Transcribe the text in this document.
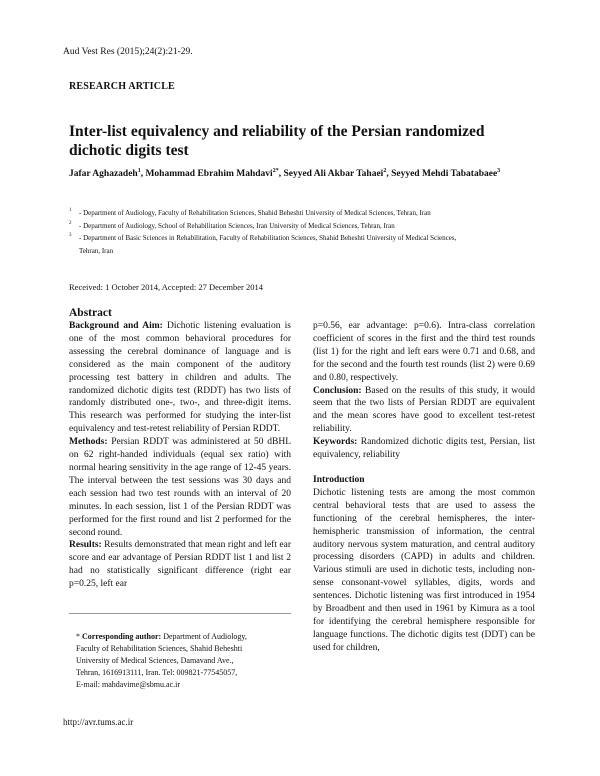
Aud Vest Res (2015);24(2):21-29.
RESEARCH ARTICLE
Inter-list equivalency and reliability of the Persian randomized dichotic digits test
Jafar Aghazadeh$^1$, Mohammad Ebrahim Mahdavi$^{2*}$, Seyyed Ali Akbar Tahaei$^2$, Seyyed Mehdi Tabatabaee$^3$
1 - Department of Audiology, Faculty of Rehabilitation Sciences, Shahid Beheshti University of Medical Sciences, Tehran, Iran
2 - Department of Audiology, School of Rehabilitation Sciences, Iran University of Medical Sciences, Tehran, Iran
3 - Department of Basic Sciences in Rehabilitation, Faculty of Rehabilitation Sciences, Shahid Beheshti University of Medical Sciences,
Tehran, Iran
Received: 1 October 2014, Accepted: 27 December 2014

Abstract

Background and Aim: Dichotic listening evaluation is one of the most common behavioral procedures for assessing the cerebral dominance of language and is considered as the main component of the auditory processing test battery in children and adults. The randomized dichotic digits test (RDDT) has two lists of randomly distributed one-, two-, and three-digit items. This research was performed for studying the inter-list equivalency and test-retest reliability of Persian RDDT.

Methods: Persian RDDT was administered at 50 dBHL on 62 right-handed individuals (equal sex ratio) with normal hearing sensitivity in the age range of 12-45 years. The interval between the test sessions was 30 days and each session had two test rounds with an interval of 20 minutes. In each session, list 1 of the Persian RDDT was performed for the first round and list 2 performed for the second round.

Results: Results demonstrated that mean right and left ear score and ear advantage of Persian RDDT list 1 and list 2 had no statistically significant difference (right ear p=0.25, left ear

* Corresponding author: Department of Audiology,
Faculty of Rehabilitation Sciences, Shahid Beheshti
University of Medical Sciences, Damavand Ave.,
Tehran, 1616913111, Iran. Tel: 009821-77545057,
E-mail: mahdavime@sbmu.ac.ir

p=0.56, ear advantage: p=0.6). Intra-class correlation coefficient of scores in the first and the third test rounds (list 1) for the right and left ears were 0.71 and 0.68, and for the second and the fourth test rounds (list 2) were 0.69 and 0.80, respectively.

Conclusion: Based on the results of this study, it would seem that the two lists of Persian RDDT are equivalent and the mean scores have good to excellent test-retest reliability.

Keywords: Randomized dichotic digits test, Persian, list equivalency, reliability

Introduction

Dichotic listening tests are among the most common central behavioral tests that are used to assess the functioning of the cerebral hemispheres, the inter-hemispheric transmission of information, the central auditory nervous system maturation, and central auditory processing disorders (CAPD) in adults and children. Various stimuli are used in dichotic tests, including non-sense consonant-vowel syllables, digits, words and sentences. Dichotic listening was first introduced in 1954 by Broadbent and then used in 1961 by Kimura as a tool for identifying the cerebral hemisphere responsible for language functions. The dichotic digits test (DDT) can be used for children,

http://avr.tums.ac.ir
